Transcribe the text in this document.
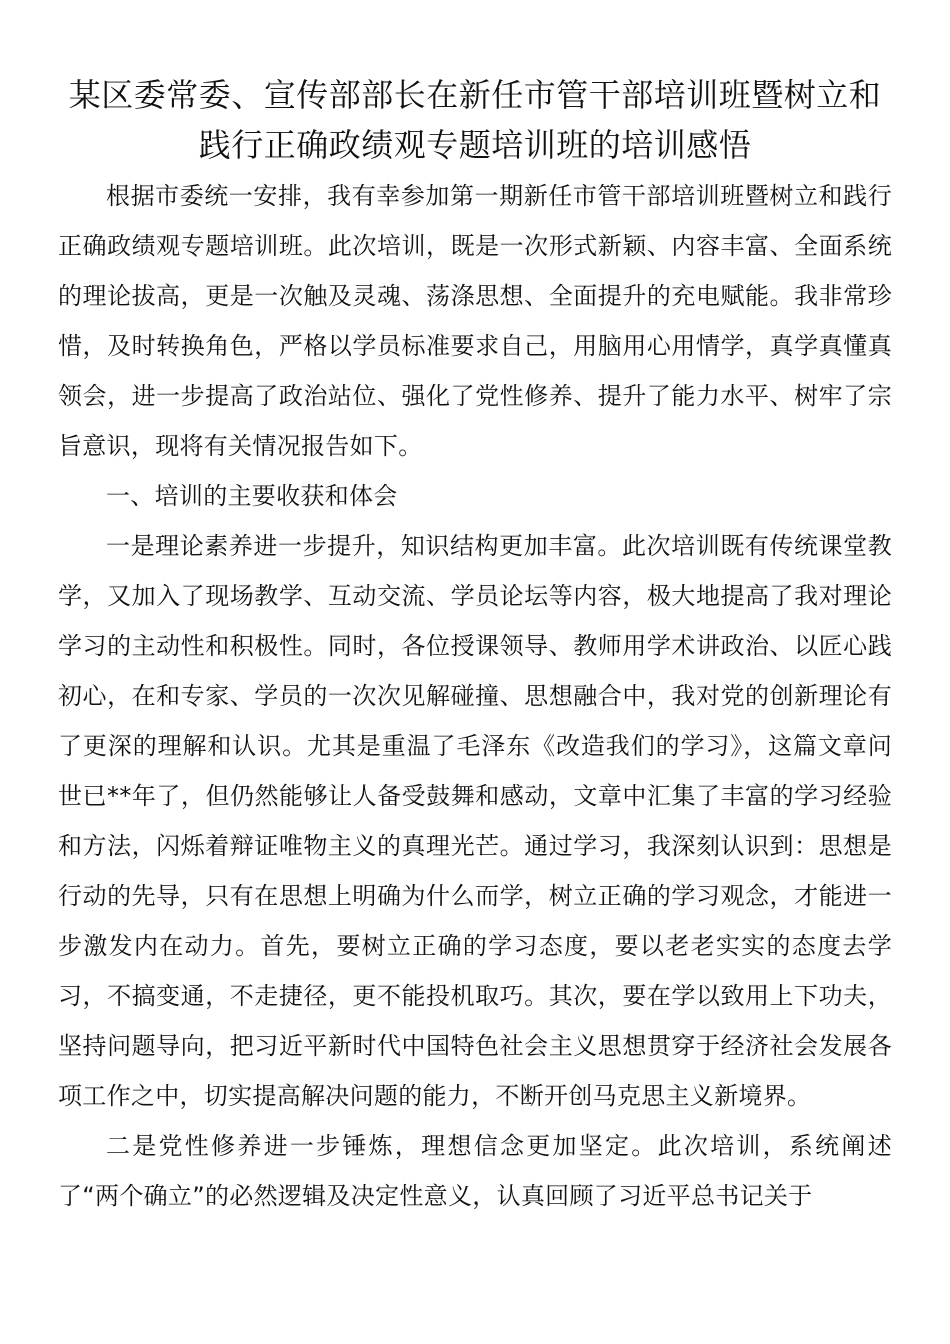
某区委常委、宣传部部长在新任市管干部培训班暨树立和践行正确政绩观专题培训班的培训感悟

根据市委统一安排，我有幸参加第一期新任市管干部培训班暨树立和践行正确政绩观专题培训班。此次培训，既是一次形式新颖、内容丰富、全面系统的理论拔高，更是一次触及灵魂、荡涤思想、全面提升的充电赋能。我非常珍惜，及时转换角色，严格以学员标准要求自己，用脑用心用情学，真学真懂真领会，进一步提高了政治站位、强化了党性修养、提升了能力水平、树牢了宗旨意识，现将有关情况报告如下。

一、培训的主要收获和体会

一是理论素养进一步提升，知识结构更加丰富。此次培训既有传统课堂教学，又加入了现场教学、互动交流、学员论坛等内容，极大地提高了我对理论学习的主动性和积极性。同时，各位授课领导、教师用学术讲政治、以匠心践初心，在和专家、学员的一次次见解碰撞、思想融合中，我对党的创新理论有了更深的理解和认识。尤其是重温了毛泽东《改造我们的学习》，这篇文章问世已**年了，但仍然能够让人备受鼓舞和感动，文章中汇集了丰富的学习经验和方法，闪烁着辩证唯物主义的真理光芒。通过学习，我深刻认识到：思想是行动的先导，只有在思想上明确为什么而学，树立正确的学习观念，才能进一步激发内在动力。首先，要树立正确的学习态度，要以老老实实的态度去学习，不搞变通，不走捷径，更不能投机取巧。其次，要在学以致用上下功夫，坚持问题导向，把习近平新时代中国特色社会主义思想贯穿于经济社会发展各项工作之中，切实提高解决问题的能力，不断开创马克思主义新境界。

二是党性修养进一步锤炼，理想信念更加坚定。此次培训，系统阐述了“两个确立”的必然逻辑及决定性意义，认真回顾了习近平总书记关于
